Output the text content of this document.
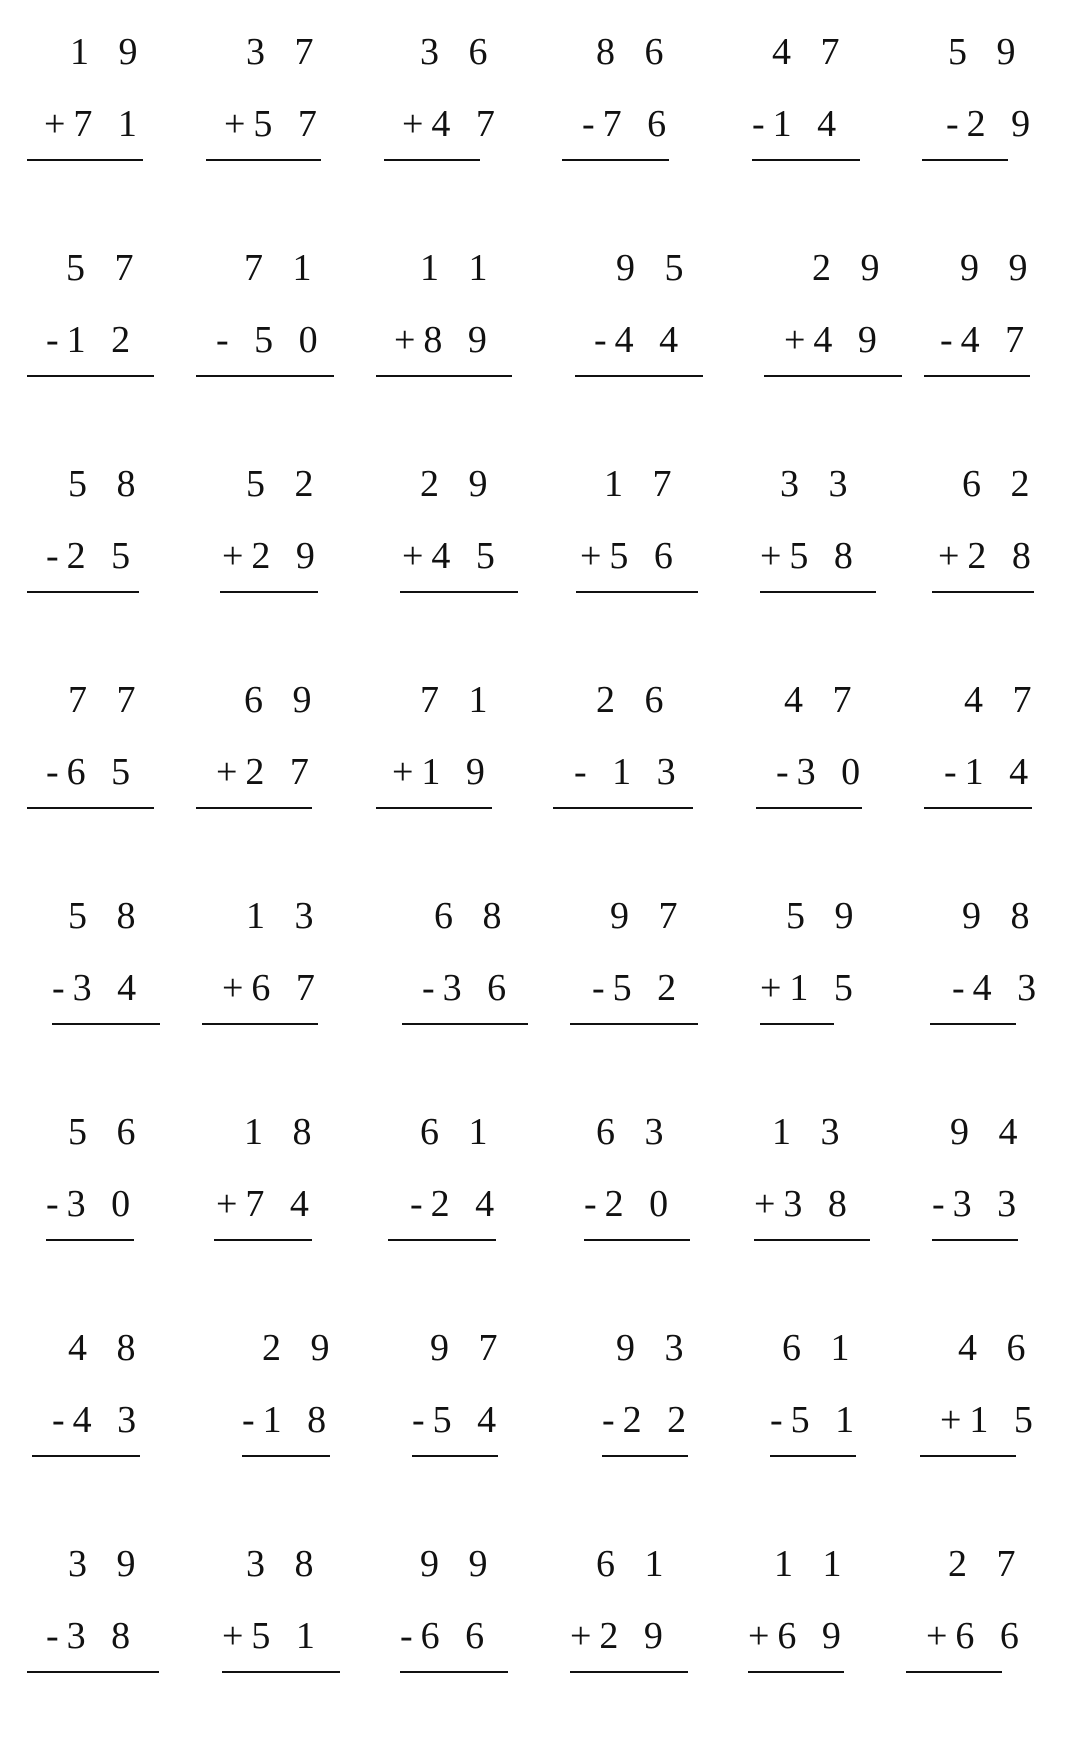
1 9
+7 1
3 7
+5 7
3 6
+4 7
8 6
-7 6
4 7
-1 4
5 9
-2 9
5 7
-1 2
7 1
- 5 0
1 1
+8 9
9 5
-4 4
2 9
+4 9
9 9
-4 7
5 8
-2 5
5 2
+2 9
2 9
+4 5
1 7
+5 6
3 3
+5 8
6 2
+2 8
7 7
-6 5
6 9
+2 7
7 1
+1 9
2 6
- 1 3
4 7
-3 0
4 7
-1 4
5 8
-3 4
1 3
+6 7
6 8
-3 6
9 7
-5 2
5 9
+1 5
9 8
-4 3
5 6
-3 0
1 8
+7 4
6 1
-2 4
6 3
-2 0
1 3
+3 8
9 4
-3 3
4 8
-4 3
2 9
-1 8
9 7
-5 4
9 3
-2 2
6 1
-5 1
4 6
+1 5
3 9
-3 8
3 8
+5 1
9 9
-6 6
6 1
+2 9
1 1
+6 9
2 7
+6 6
